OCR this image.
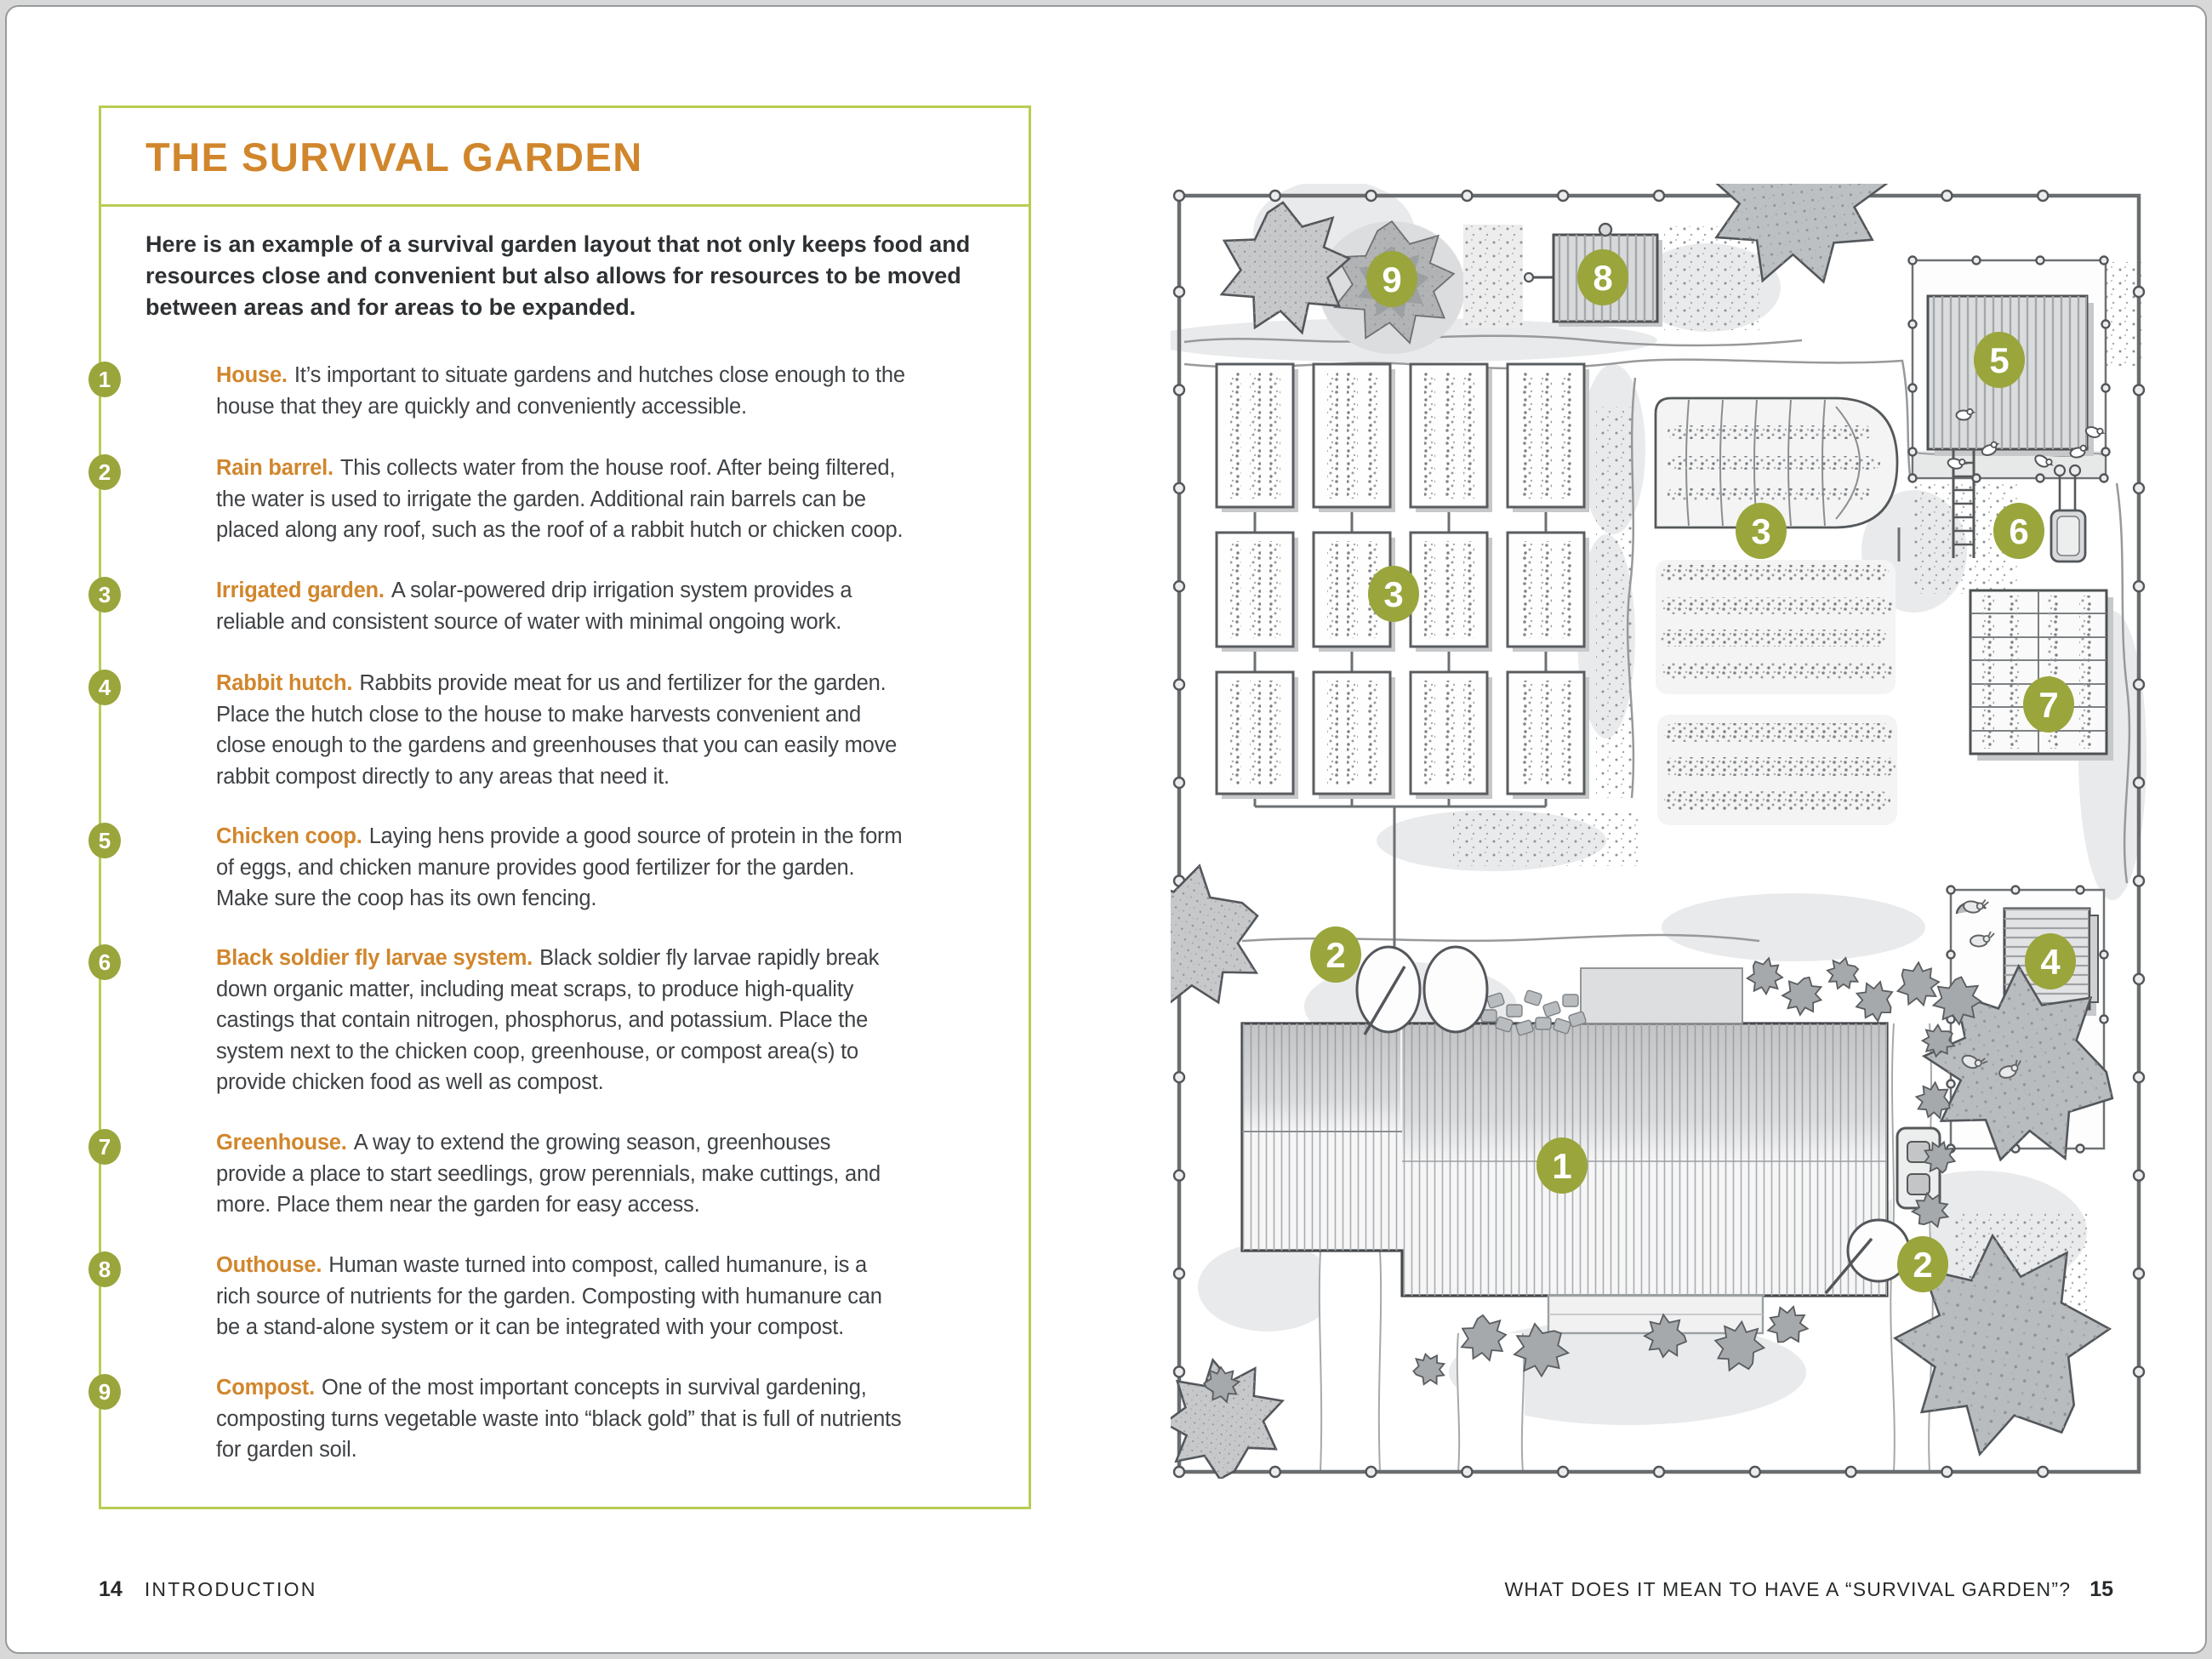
THE SURVIVAL GARDEN

Here is an example of a survival garden layout that not only keeps food and resources close and convenient but also allows for resources to be moved between areas and for areas to be expanded.

1	House. It’s important to situate gardens and hutches close enough to the house that they are quickly and conveniently accessible.

2	Rain barrel. This collects water from the house roof. After being filtered, the water is used to irrigate the garden. Additional rain barrels can be placed along any roof, such as the roof of a rabbit hutch or chicken coop.

3	Irrigated garden. A solar-powered drip irrigation system provides a reliable and consistent source of water with minimal ongoing work.

4	Rabbit hutch. Rabbits provide meat for us and fertilizer for the garden. Place the hutch close to the house to make harvests convenient and close enough to the gardens and greenhouses that you can easily move rabbit compost directly to any areas that need it.

5	Chicken coop. Laying hens provide a good source of protein in the form of eggs, and chicken manure provides good fertilizer for the garden. Make sure the coop has its own fencing.

6	Black soldier fly larvae system. Black soldier fly larvae rapidly break down organic matter, including meat scraps, to produce high-quality castings that contain nitrogen, phosphorus, and potassium. Place the system next to the chicken coop, greenhouse, or compost area(s) to provide chicken food as well as compost.

7	Greenhouse. A way to extend the growing season, greenhouses provide a place to start seedlings, grow perennials, make cuttings, and more. Place them near the garden for easy access.

8	Outhouse. Human waste turned into compost, called humanure, is a rich source of nutrients for the garden. Composting with humanure can be a stand-alone system or it can be integrated with your compost.

9	Compost. One of the most important concepts in survival gardening, composting turns vegetable waste into “black gold” that is full of nutrients for garden soil.

14 INTRODUCTION	WHAT DOES IT MEAN TO HAVE A “SURVIVAL GARDEN”? 15
1
2
2
3
3
4
5
6
7
8
9
